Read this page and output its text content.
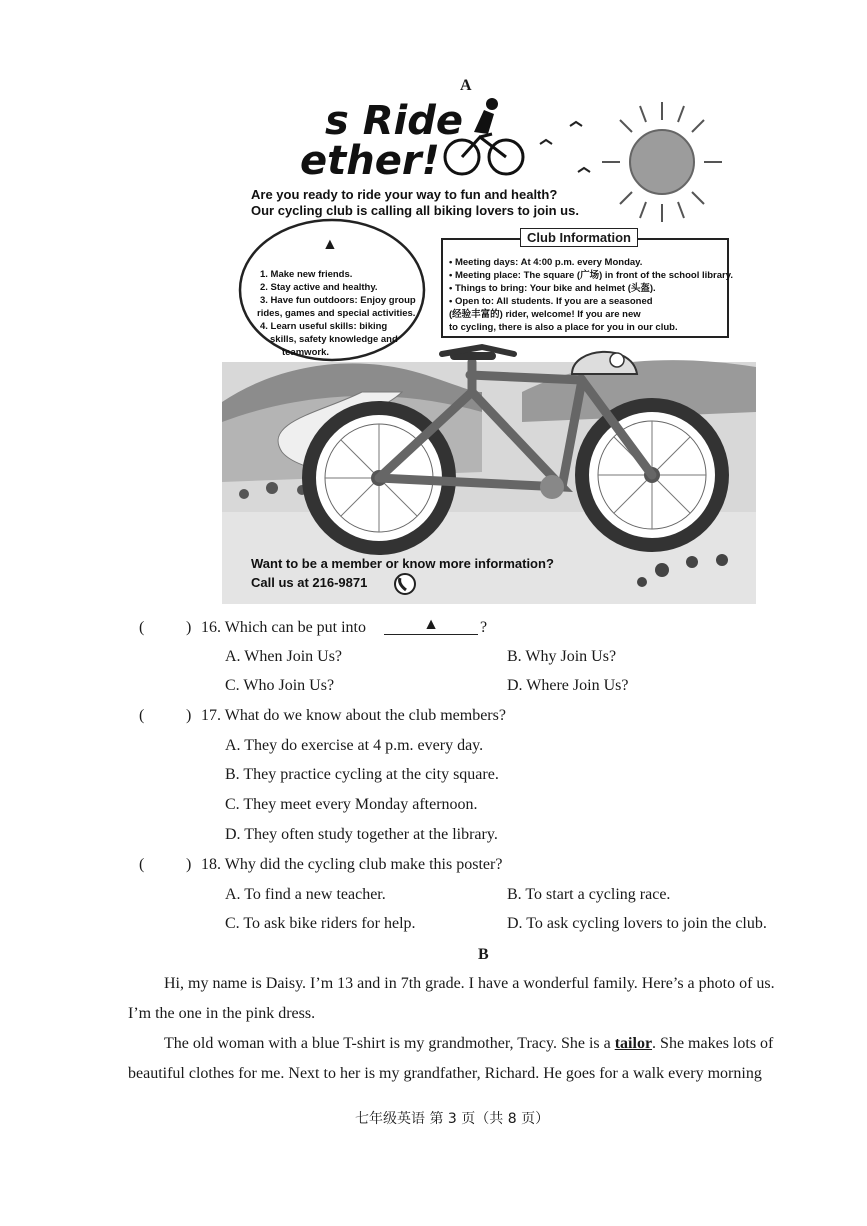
A
s Ride
ether!
Are you ready to ride your way to fun and health?
Our cycling club is calling all biking lovers to join us.
▲
1. Make new friends.
2. Stay active and healthy.
3. Have fun outdoors: Enjoy group
rides, games and special activities.
4. Learn useful skills: biking
skills, safety knowledge and
teamwork.
Club Information
• Meeting days: At 4:00 p.m. every Monday.
• Meeting place: The square (广场) in front of the school library.
• Things to bring: Your bike and helmet (头盔).
• Open to: All students. If you are a seasoned
(经验丰富的) rider, welcome! If you are new
to cycling, there is also a place for you in our club.
Want to be a member or know more information?
Call us at 216-9871
(	) 16. Which can be put into	▲	?
A. When Join Us?	B. Why Join Us?
C. Who Join Us?	D. Where Join Us?
(	) 17. What do we know about the club members?
A. They do exercise at 4 p.m. every day.
B. They practice cycling at the city square.
C. They meet every Monday afternoon.
D. They often study together at the library.
(	) 18. Why did the cycling club make this poster?
A. To find a new teacher.	B. To start a cycling race.
C. To ask bike riders for help.	D. To ask cycling lovers to join the club.
B
Hi, my name is Daisy. I’m 13 and in 7th grade. I have a wonderful family. Here’s a photo of us.
I’m the one in the pink dress.
The old woman with a blue T-shirt is my grandmother, Tracy. She is a tailor. She makes lots of
beautiful clothes for me. Next to her is my grandfather, Richard. He goes for a walk every morning
七年级英语 第 3 页（共 8 页）
